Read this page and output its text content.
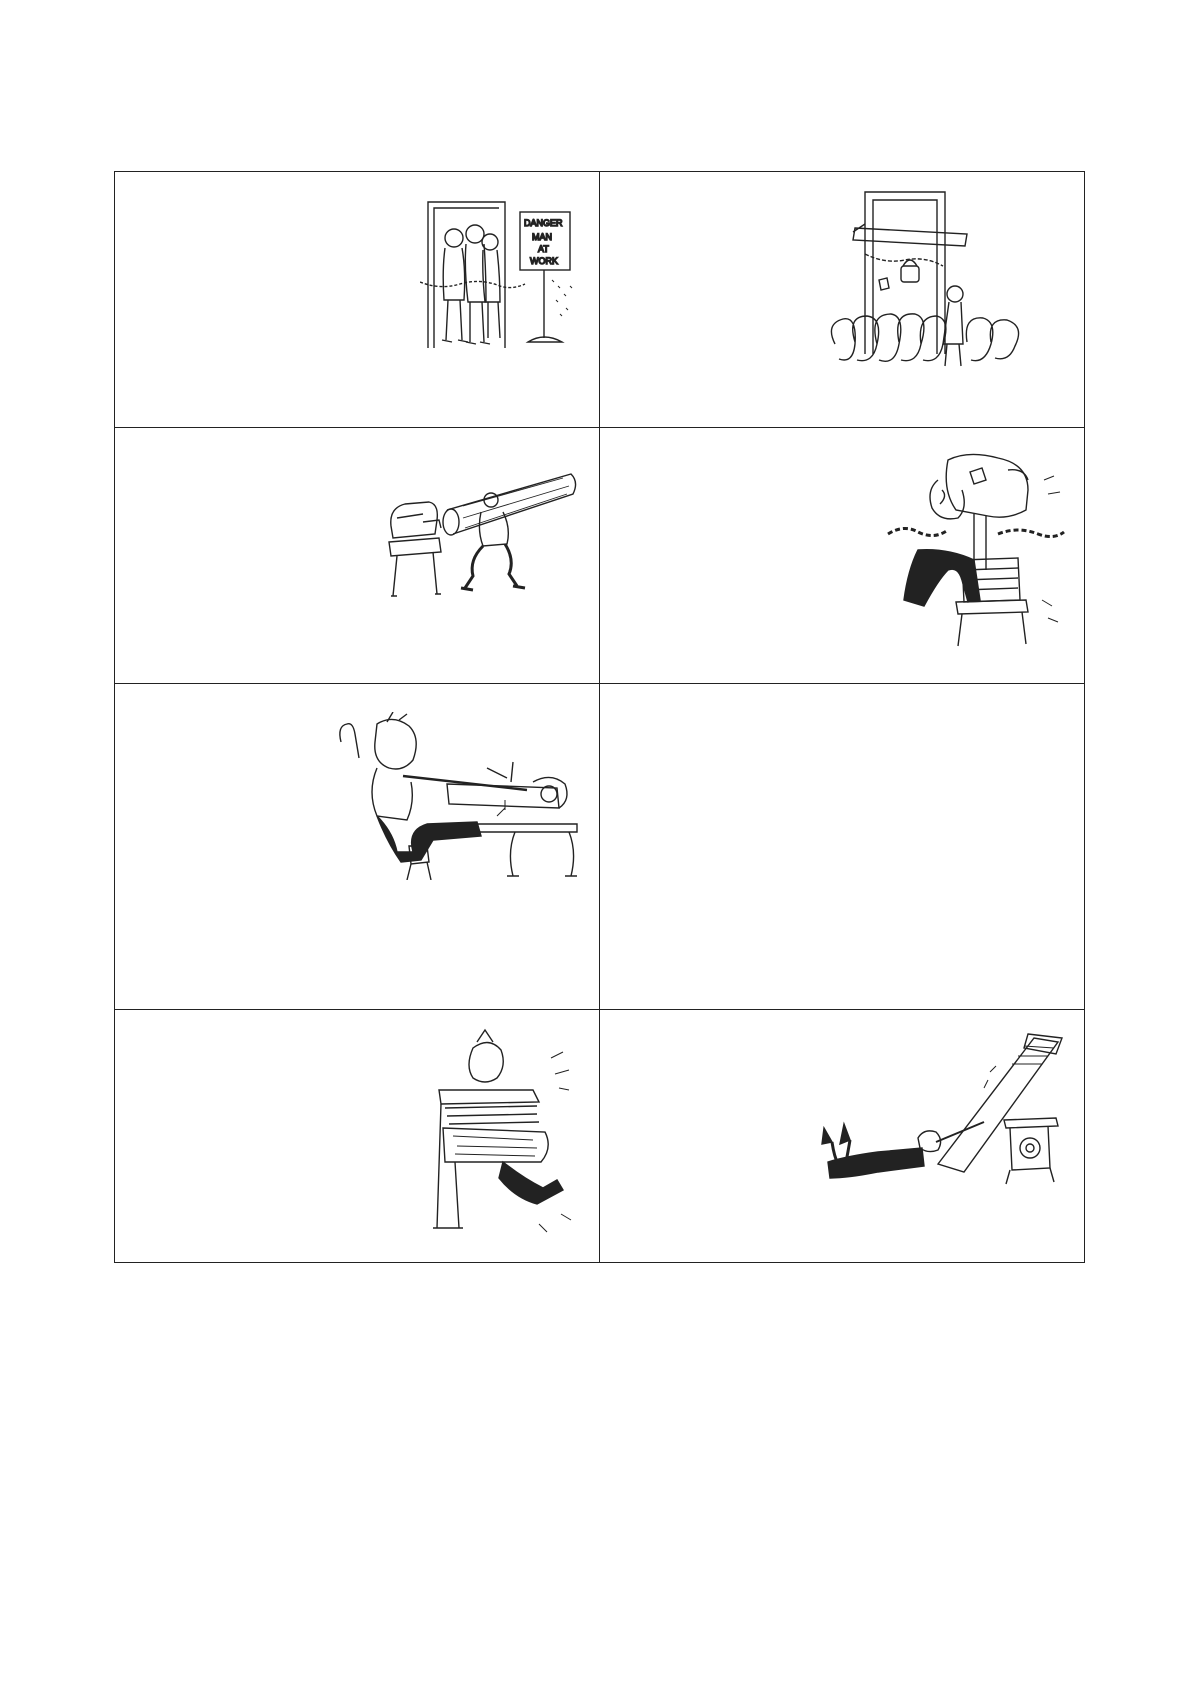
DANGER
MAN
AT
WORK
